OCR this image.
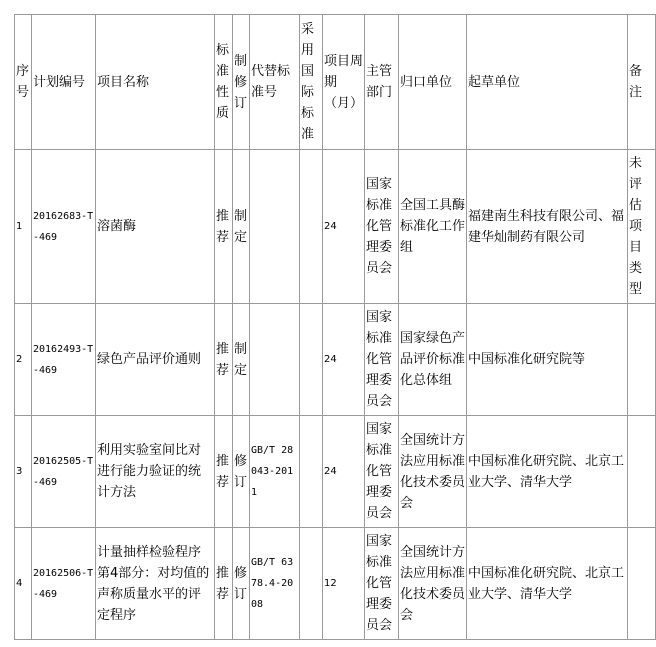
序号	计划编号	项目名称	标准性质	制修订	代替标准号	采用国际标准	项目周期（月）	主管部门	归口单位	起草单位	备注
1	20162683-T-469	溶菌酶	推荐	制定			24	国家标准化管理委员会	全国工具酶标准化工作组	福建南生科技有限公司、福建华灿制药有限公司	未评估项目类型
2	20162493-T-469	绿色产品评价通则	推荐	制定			24	国家标准化管理委员会	国家绿色产品评价标准化总体组	中国标准化研究院等	
3	20162505-T-469	利用实验室间比对进行能力验证的统计方法	推荐	修订	GB/T 28043-2011		24	国家标准化管理委员会	全国统计方法应用标准化技术委员会	中国标准化研究院、北京工业大学、清华大学	
4	20162506-T-469	计量抽样检验程序 第4部分：对均值的声称质量水平的评定程序	推荐	修订	GB/T 6378.4-2008		12	国家标准化管理委员会	全国统计方法应用标准化技术委员会	中国标准化研究院、北京工业大学、清华大学	
